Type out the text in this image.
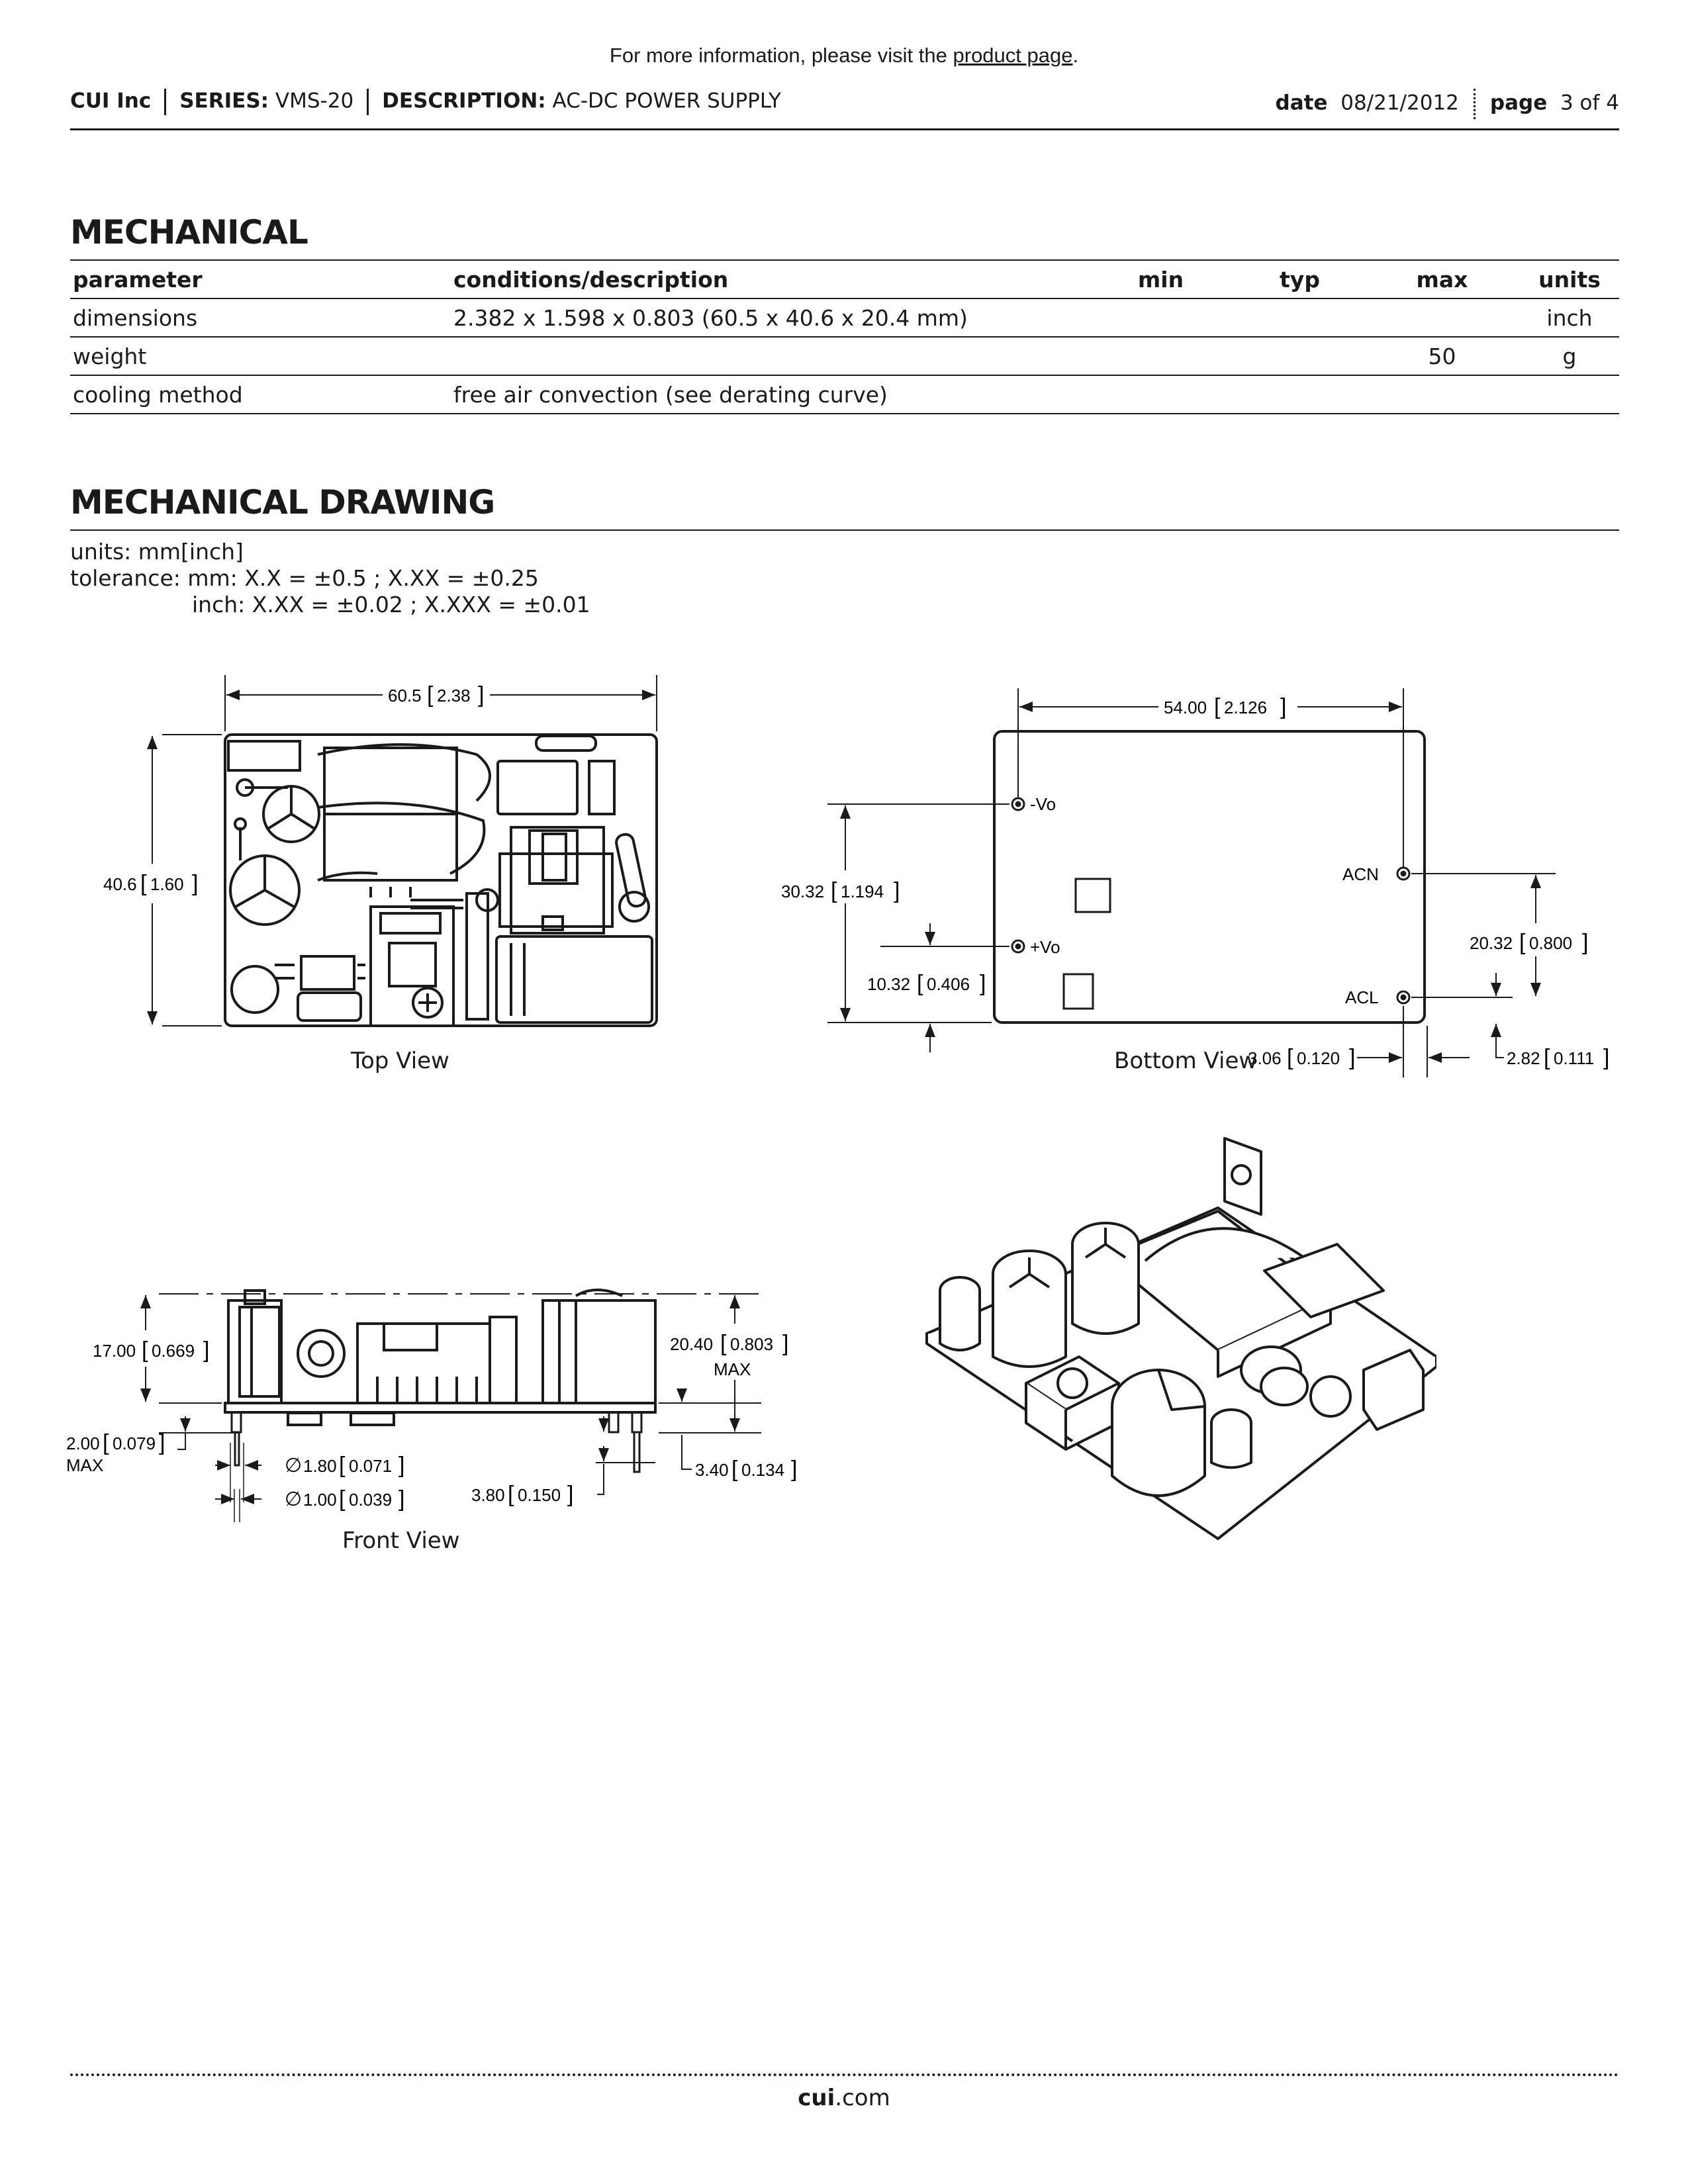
For more information, please visit the product page.
CUI Inc SERIES: VMS-20 DESCRIPTION: AC-DC POWER SUPPLY	date 08/21/2012 page 3 of 4
MECHANICAL
parameter	conditions/description	min	typ	max	units
dimensions	2.382 x 1.598 x 0.803 (60.5 x 40.6 x 20.4 mm)				inch
weight				50	g
cooling method	free air convection (see derating curve)				
MECHANICAL DRAWING
units: mm[inch]
tolerance: mm: X.X = ±0.5 ; X.XX = ±0.25
inch: X.XX = ±0.02 ; X.XXX = ±0.01
60.5 [ 2.38 ]
40.6 [ 1.60 ]
Top View
-Vo
+Vo
ACN
ACL
54.00 [ 2.126 ]
30.32 [ 1.194 ]
10.32 [ 0.406 ]
20.32 [ 0.800 ]
3.06 [ 0.120 ]	2.82 [ 0.111 ]
Bottom View
17.00 [ 0.669 ]	20.40 [ 0.803 ]
MAX
2.00 [ 0.079 ]
MAX	∅ 1.80 [ 0.071 ]
∅ 1.00 [ 0.039 ]	3.80 [ 0.150 ]
3.40 [ 0.134 ]
Front View
cui.com
